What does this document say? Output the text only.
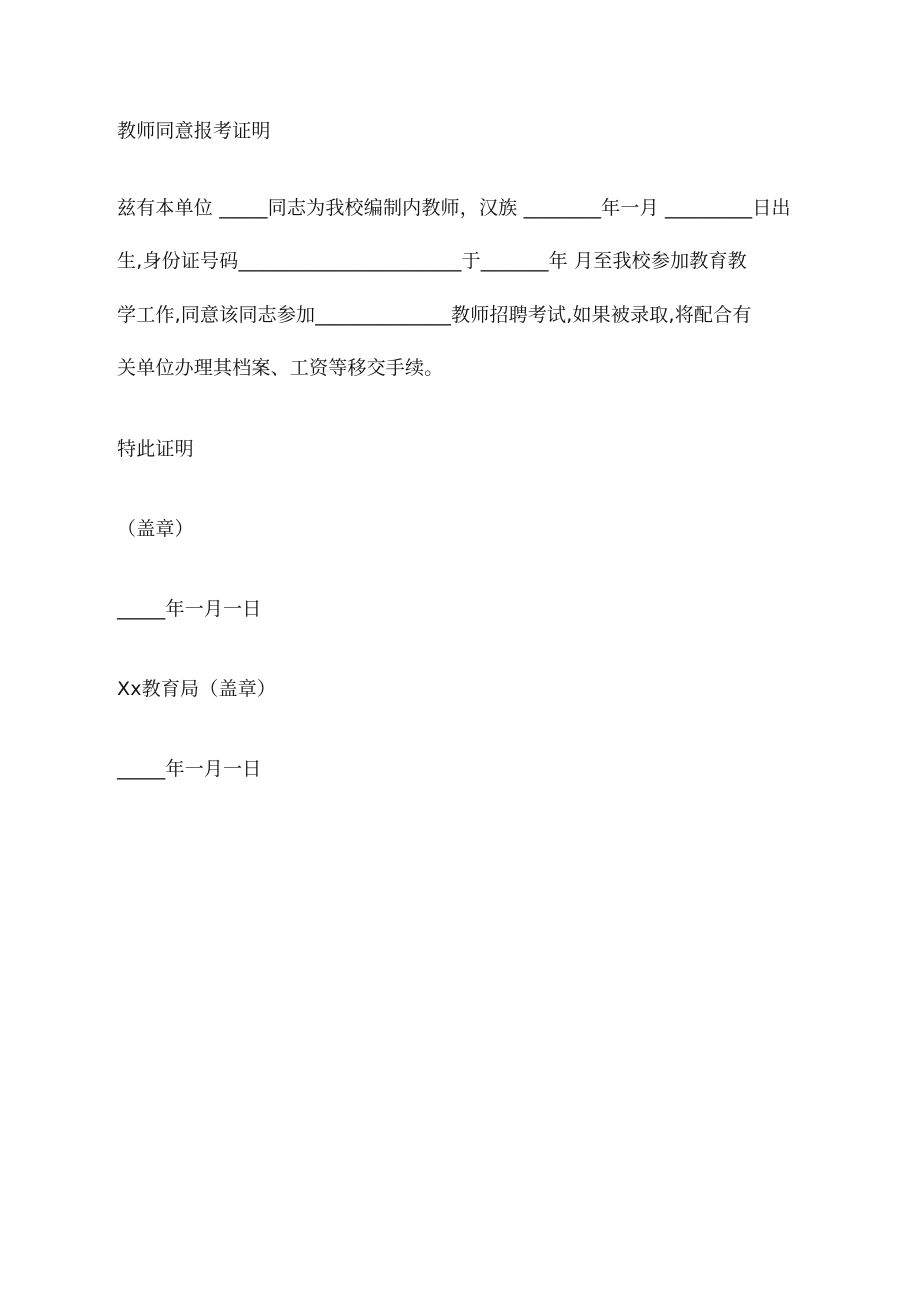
教师同意报考证明
兹有本单位 _____同志为我校编制内教师，汉族 ________年一月 _________日出
生,身份证号码_______________________于_______年 月至我校参加教育教
学工作,同意该同志参加______________教师招聘考试,如果被录取,将配合有
关单位办理其档案、工资等移交手续。
特此证明
（盖章）
_____年一月一日
Xx教育局（盖章）
_____年一月一日
